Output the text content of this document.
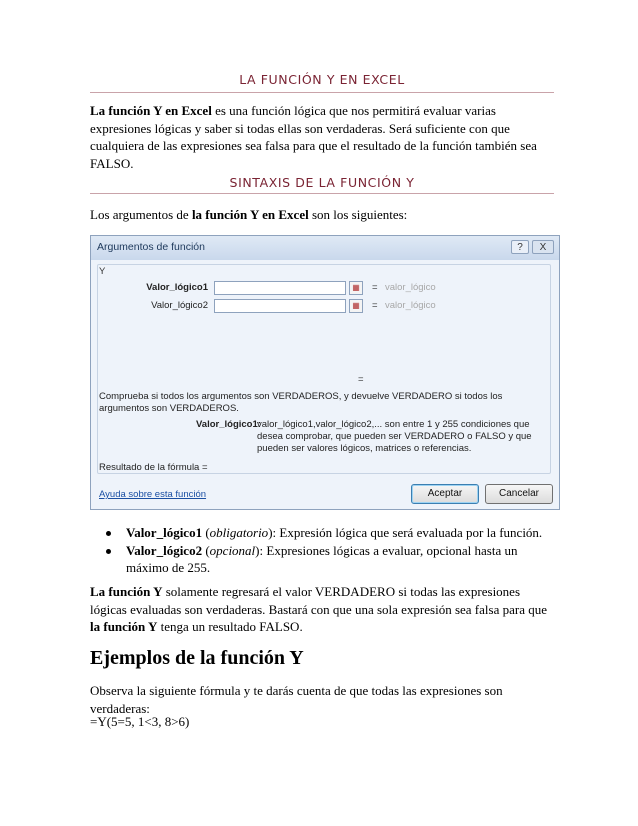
LA FUNCIÓN Y EN EXCEL

La función Y en Excel es una función lógica que nos permitirá evaluar varias expresiones lógicas y saber si todas ellas son verdaderas. Será suficiente con que cualquiera de las expresiones sea falsa para que el resultado de la función también sea FALSO.

SINTAXIS DE LA FUNCIÓN Y

Los argumentos de la función Y en Excel son los siguientes:

Argumentos de función	?	X
Y
Valor_lógico1	▦	= valor_lógico
Valor_lógico2	▦	= valor_lógico
=
Comprueba si todos los argumentos son VERDADEROS, y devuelve VERDADERO si todos los argumentos son VERDADEROS.
Valor_lógico1:
valor_lógico1,valor_lógico2,... son entre 1 y 255 condiciones que desea comprobar, que pueden ser VERDADERO o FALSO y que pueden ser valores lógicos, matrices o referencias.
Resultado de la fórmula =
Ayuda sobre esta función	Aceptar	Cancelar
Valor_lógico1 (obligatorio): Expresión lógica que será evaluada por la función.
Valor_lógico2 (opcional): Expresiones lógicas a evaluar, opcional hasta un máximo de 255.

La función Y solamente regresará el valor VERDADERO si todas las expresiones lógicas evaluadas son verdaderas. Bastará con que una sola expresión sea falsa para que la función Y tenga un resultado FALSO.

Ejemplos de la función Y

Observa la siguiente fórmula y te darás cuenta de que todas las expresiones son verdaderas:

=Y(5=5, 1<3, 8>6)
